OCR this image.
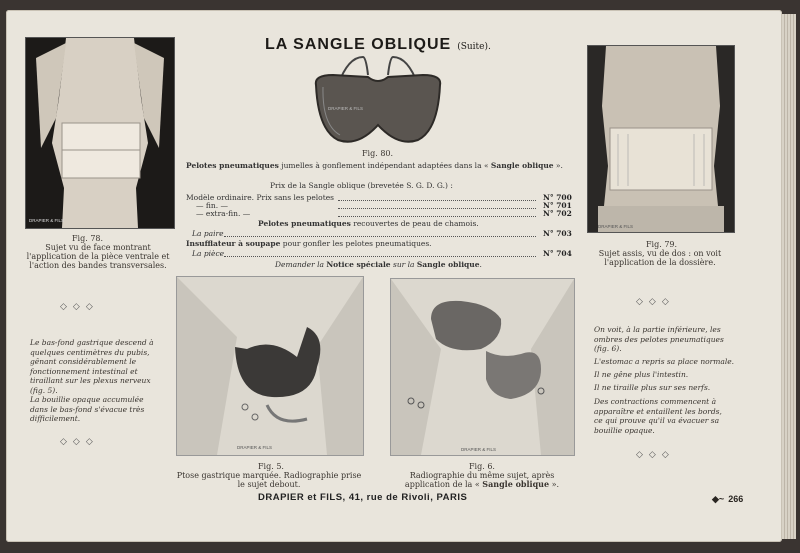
LA SANGLE OBLIQUE (Suite).
DRAPIER & FILS
Fig. 78.
Sujet vu de face montrant l'application de la pièce ventrale et l'action des bandes transversales.
DRAPIER & FILS
Fig. 80.
Pelotes pneumatiques jumelles à gonflement indépendant adaptées dans la « Sangle oblique ».
Prix de la Sangle oblique (brevetée S. G. D. G.) :
Modèle ordinaire. Prix sans les pelotes	N° 700
— fin. —	N° 701
— extra-fin. —	N° 702
Pelotes pneumatiques recouvertes de peau de chamois.
La paire	N° 703
Insufflateur à soupape pour gonfler les pelotes pneumatiques.
La pièce	N° 704
Demander la Notice spéciale sur la Sangle oblique.
DRAPIER & FILS
Fig. 79.
Sujet assis, vu de dos : on voit l'application de la dossière.
◇◇◇
◇◇◇
◇◇◇
◇◇◇
Le bas-fond gastrique descend à quelques centimètres du pubis, gênant considérablement le fonctionnement intestinal et tiraillant sur les plexus nerveux (fig. 5).
La bouillie opaque accumulée dans le bas-fond s'évacue très difficilement.
On voit, à la partie inférieure, les ombres des pelotes pneumatiques (fig. 6).
L'estomac a repris sa place normale.
Il ne gêne plus l'intestin.
Il ne tiraille plus sur ses nerfs.
Des contractions commencent à apparaître et entaillent les bords, ce qui prouve qu'il va évacuer sa bouillie opaque.
DRAPIER & FILS
Fig. 5.
Ptose gastrique marquée. Radiographie prise le sujet debout.
DRAPIER & FILS
Fig. 6.
Radiographie du même sujet, après application de la « Sangle oblique ».
DRAPIER et FILS, 41, rue de Rivoli, PARIS	◆~ 266
